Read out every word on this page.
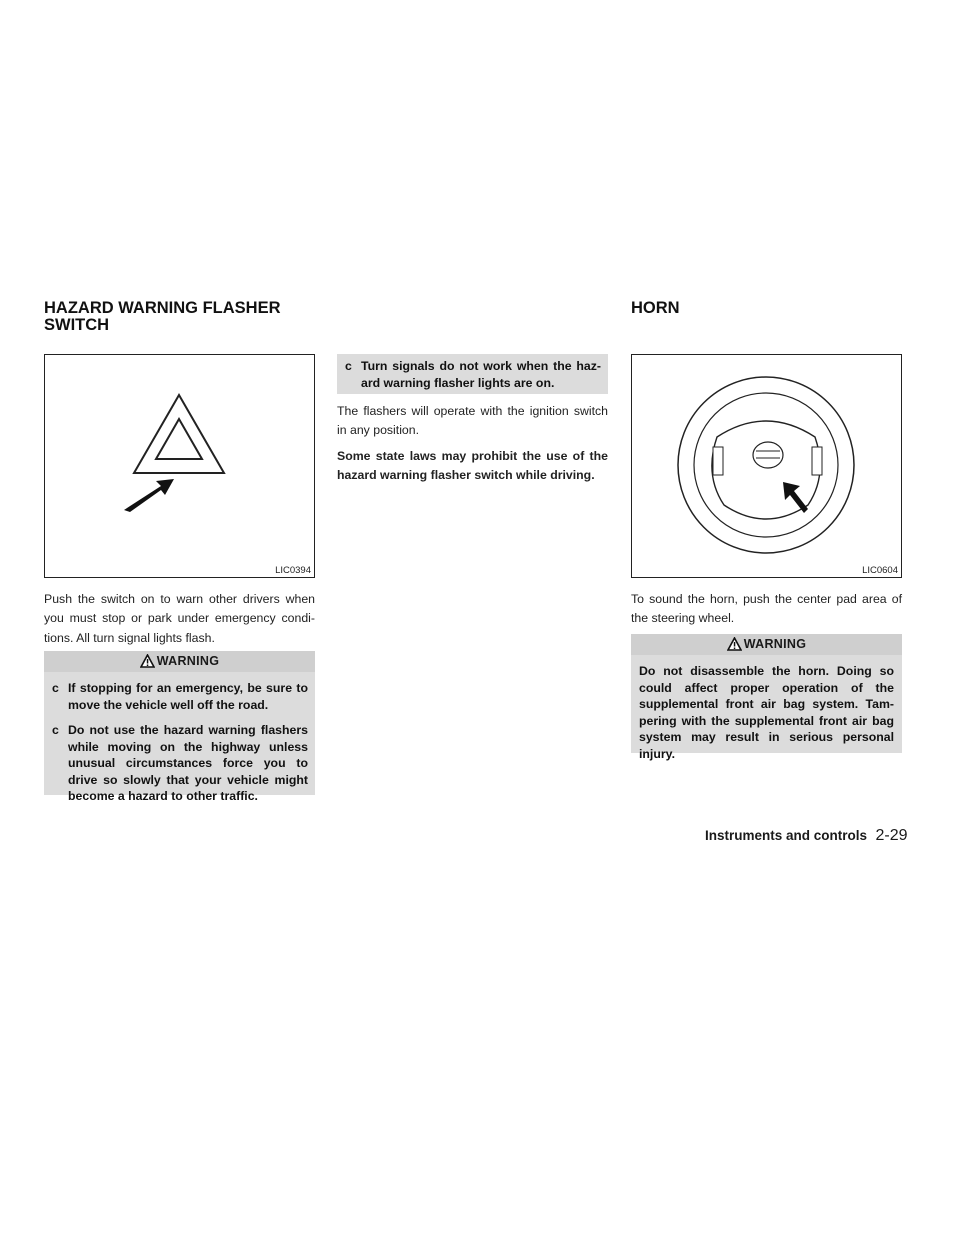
HAZARD WARNING FLASHER
SWITCH
HORN
LIC0394	LIC0604

Push the switch on to warn other drivers when you must stop or park under emergency condi- tions. All turn signal lights flash.

WARNING
c If stopping for an emergency, be sure to move the vehicle well off the road.
c Do not use the hazard warning flashers while moving on the highway unless unusual circumstances force you to drive so slowly that your vehicle might become a hazard to other traffic.
c Turn signals do not work when the haz- ard warning flasher lights are on.

The flashers will operate with the ignition switch in any position.

Some state laws may prohibit the use of the hazard warning flasher switch while driving.

To sound the horn, push the center pad area of the steering wheel.

WARNING
Do not disassemble the horn. Doing so could affect proper operation of the supplemental front air bag system. Tam- pering with the supplemental front air bag system may result in serious personal injury.
Instruments and controls 2-29
